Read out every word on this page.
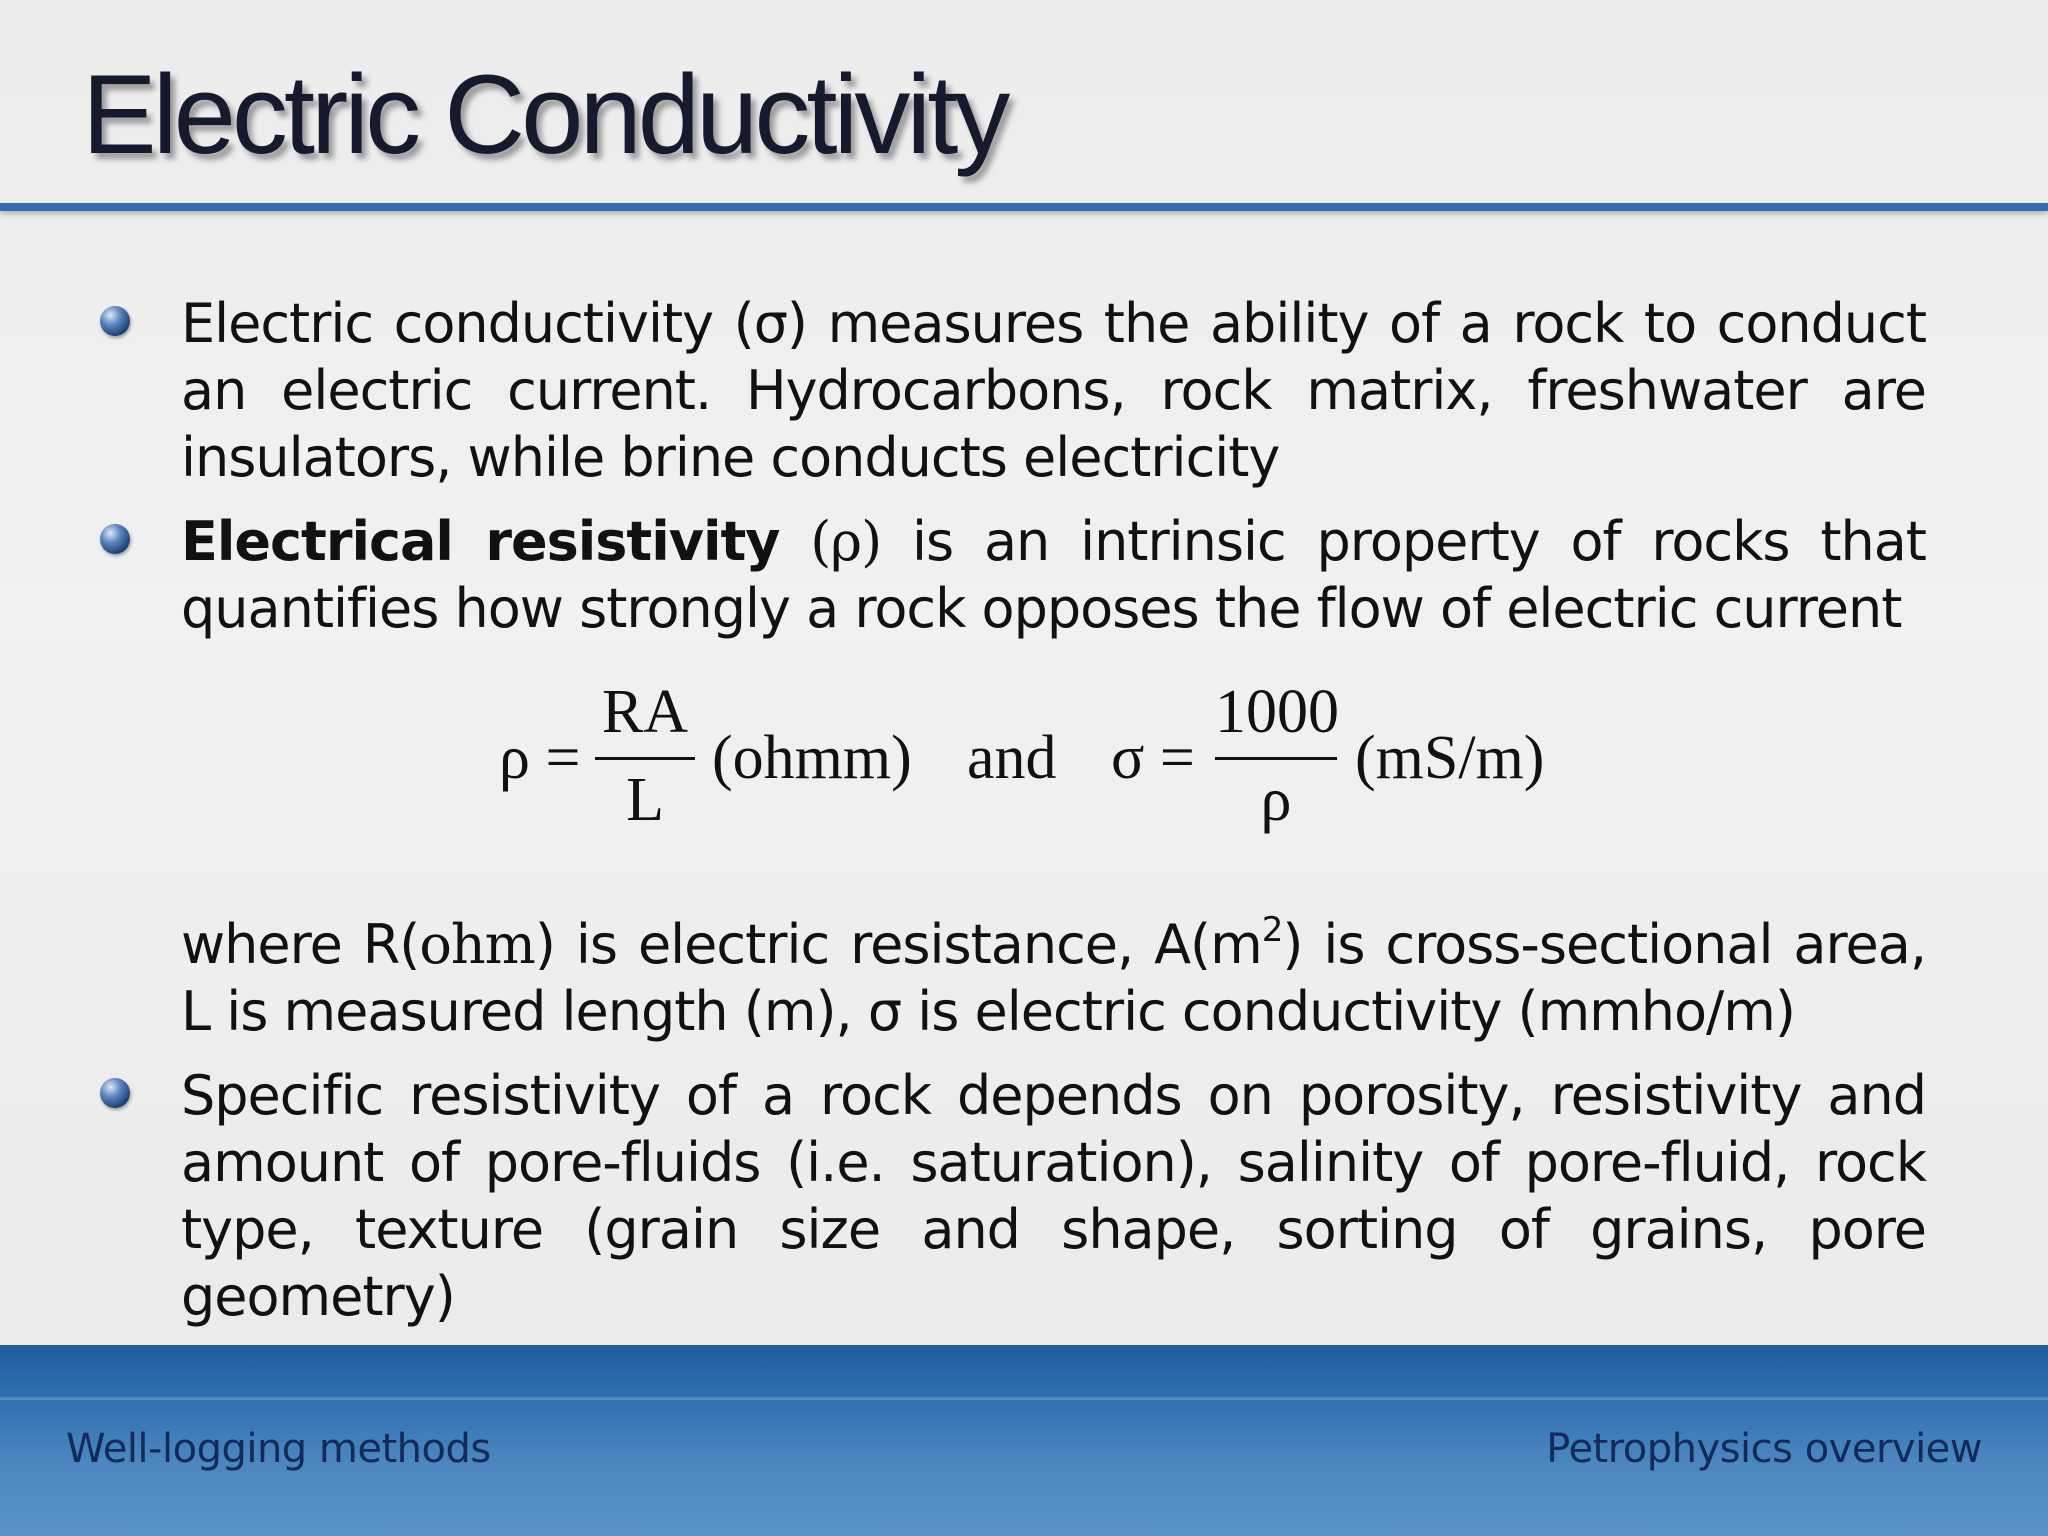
Electric Conductivity

Electric conductivity (σ) measures the ability of a rock to conduct an electric current. Hydrocarbons, rock matrix, freshwater are insulators, while brine conducts electricity

Electrical resistivity (ρ) is an intrinsic property of rocks that quantifies how strongly a rock opposes the flow of electric current

ρ =
RA
L
(ohmm) and σ =
1000
ρ
(mS/m)

where R(ohm) is electric resistance, $A(m^2)$ is cross-sectional area, L is measured length (m), σ is electric conductivity (mmho/m)

Specific resistivity of a rock depends on porosity, resistivity and amount of pore-fluids (i.e. saturation), salinity of pore-fluid, rock type, texture (grain size and shape, sorting of grains, pore geometry)

Well-logging methods	Petrophysics overview
